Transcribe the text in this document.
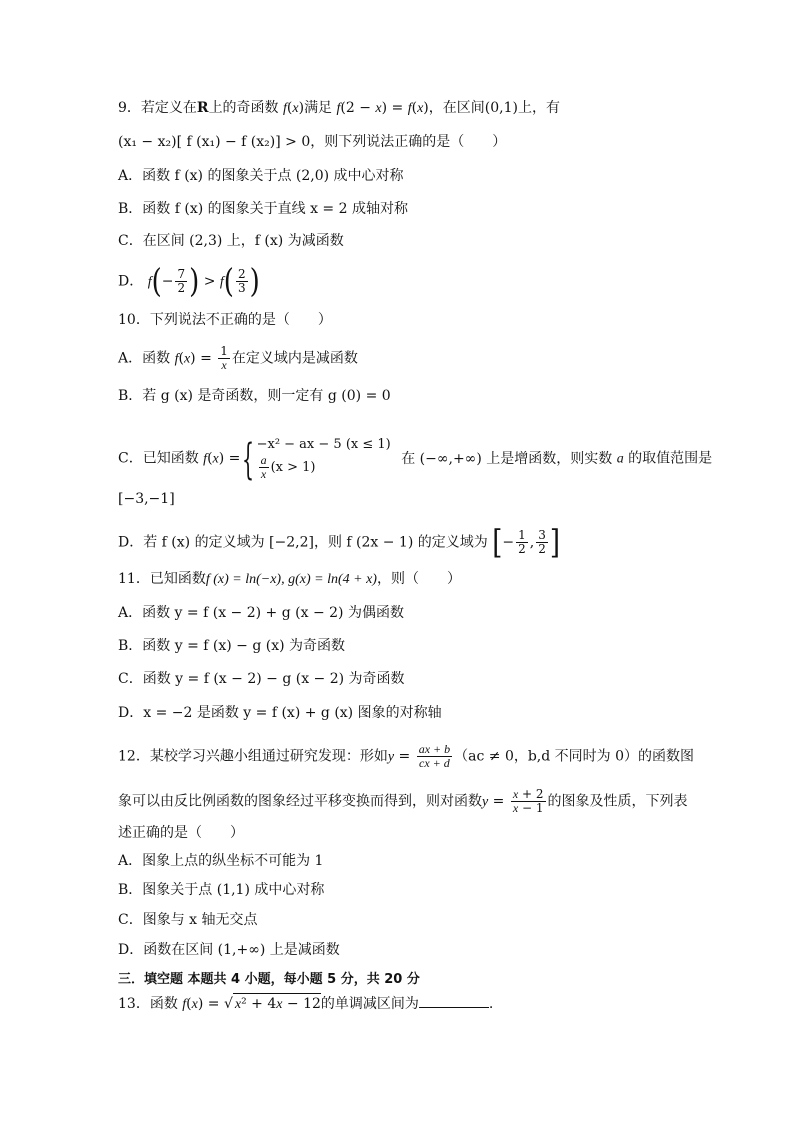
9．若定义在R上的奇函数 f(x)满足 f(2 − x) = f(x)，在区间(0,1)上，有
(x₁ − x₂)[ f (x₁) − f (x₂)] > 0，则下列说法正确的是（　　）
A．函数 f (x) 的图象关于点 (2,0) 成中心对称
B．函数 f (x) 的图象关于直线 x = 2 成轴对称
C．在区间 (2,3) 上，f (x) 为减函数
D． $f(- \frac{7}{2}$ ) > $f( \frac{2}{3}$ )
10．下列说法不正确的是（　　）
A．函数 $f(x) = \frac{1}{x}$ 在定义域内是减函数
B．若 g (x) 是奇函数，则一定有 g (0) = 0
C．已知函数 f(x) ={ −x² − ax − 5 (x ≤ 1)
$\frac{a}{x} (x > 1)$
在 (−∞,+∞) 上是增函数，则实数 a 的取值范围是
[−3,−1]
D．若 f (x) 的定义域为 [−2,2]，则 f (2x − 1) 的定义域为 [− $\frac{1}{2}$ , $\frac{3}{2}$ ]
11．已知函数f (x) = ln(−x), g(x) = ln(4 + x)，则（　　）
A．函数 y = f (x − 2) + g (x − 2) 为偶函数
B．函数 y = f (x) − g (x) 为奇函数
C．函数 y = f (x − 2) − g (x − 2) 为奇函数
D．x = −2 是函数 y = f (x) + g (x) 图象的对称轴
12．某校学习兴趣小组通过研究发现：形如$y = \frac{ax + b}{cx + d} (ac \ne 0$，b,d 不同时为 0）的函数图
象可以由反比例函数的图象经过平移变换而得到，则对函数$y = \frac{x + 2}{x - 1}$ 的图象及性质，下列表
述正确的是（　　）
A．图象上点的纵坐标不可能为 1
B．图象关于点 (1,1) 成中心对称
C．图象与 x 轴无交点
D．函数在区间 (1,+∞) 上是减函数
三．填空题 本题共 4 小题，每小题 5 分，共 20 分
13．函数 f(x) = √ x² + 4x − 12的单调减区间为	.
